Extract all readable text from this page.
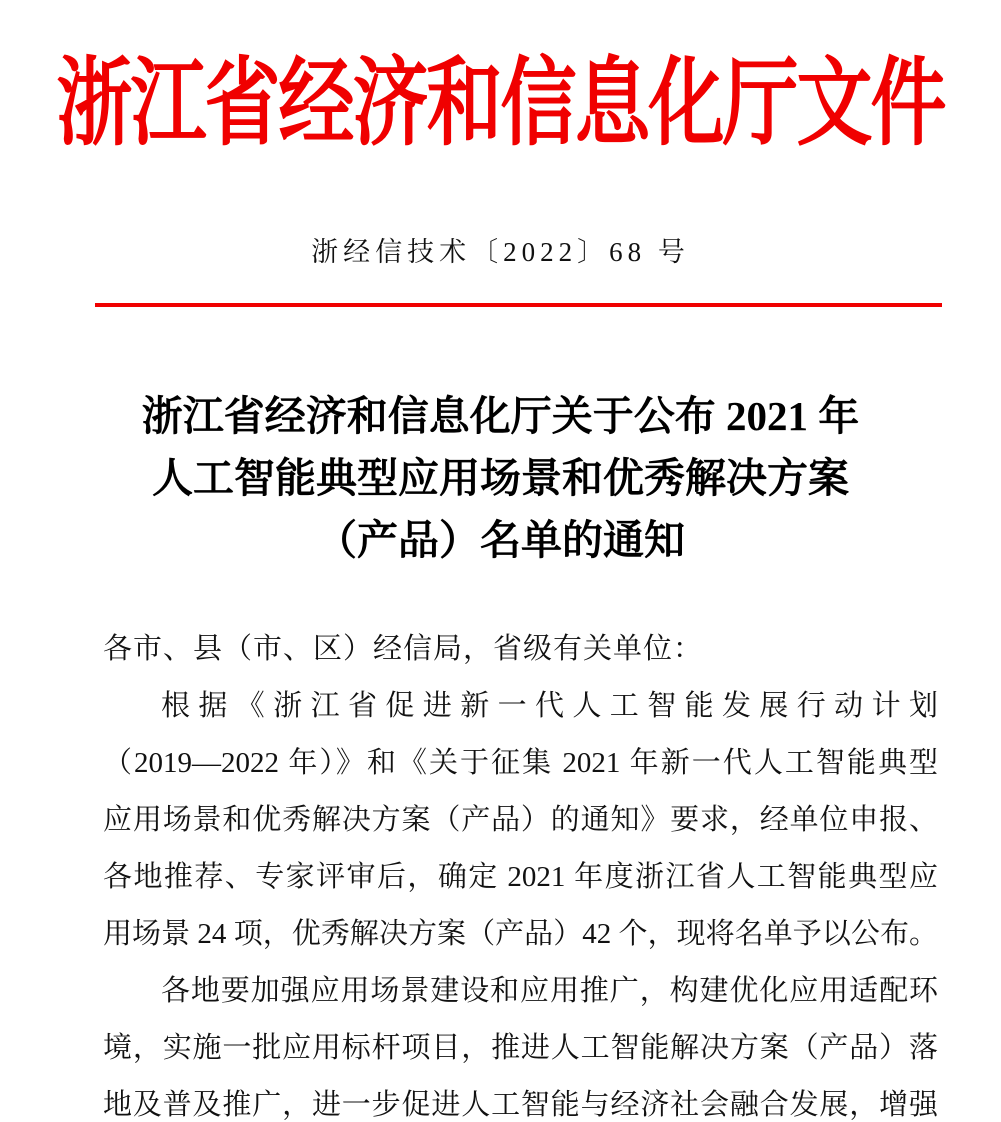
浙江省经济和信息化厅文件
浙经信技术〔2022〕68 号
浙江省经济和信息化厅关于公布 2021 年
人工智能典型应用场景和优秀解决方案
（产品）名单的通知
各市、县（市、区）经信局，省级有关单位：
根据《浙江省促进新一代人工智能发展行动计划
（2019—2022 年）》和《关于征集 2021 年新一代人工智能典型
应用场景和优秀解决方案（产品）的通知》要求，经单位申报、
各地推荐、专家评审后，确定 2021 年度浙江省人工智能典型应
用场景 24 项，优秀解决方案（产品）42 个，现将名单予以公布。
各地要加强应用场景建设和应用推广，构建优化应用适配环
境，实施一批应用标杆项目，推进人工智能解决方案（产品）落
地及普及推广，进一步促进人工智能与经济社会融合发展，增强
